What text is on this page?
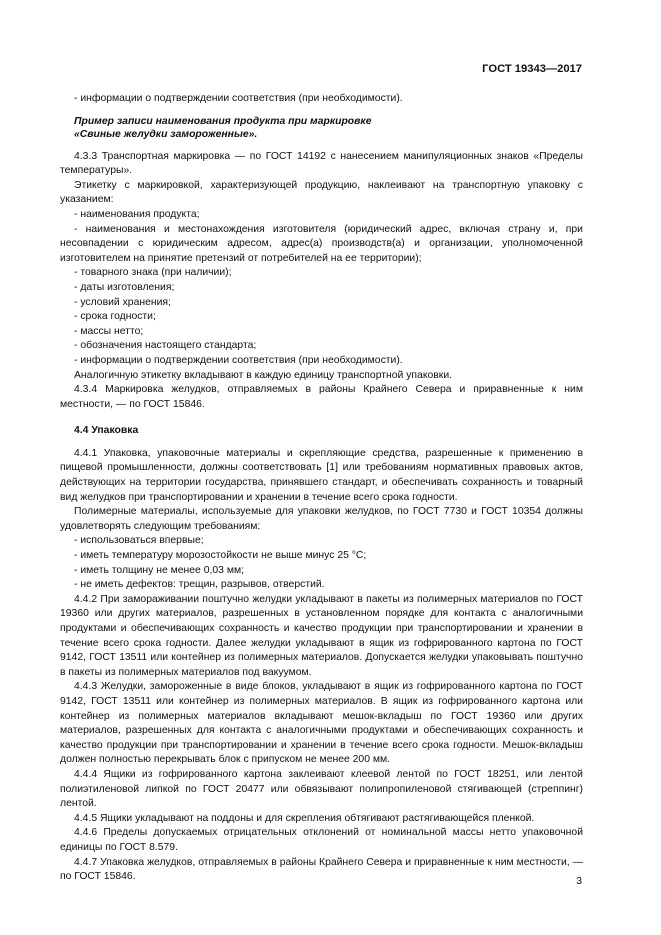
ГОСТ 19343—2017
- информации о подтверждении соответствия (при необходимости).
Пример записи наименования продукта при маркировке
«Свиные желудки замороженные».
4.3.3 Транспортная маркировка — по ГОСТ 14192 с нанесением манипуляционных знаков «Пределы температуры».
Этикетку с маркировкой, характеризующей продукцию, наклеивают на транспортную упаковку с указанием:
- наименования продукта;
- наименования и местонахождения изготовителя (юридический адрес, включая страну и, при несовпадении с юридическим адресом, адрес(а) производств(а) и организации, уполномоченной изготовителем на принятие претензий от потребителей на ее территории);
- товарного знака (при наличии);
- даты изготовления;
- условий хранения;
- срока годности;
- массы нетто;
- обозначения настоящего стандарта;
- информации о подтверждении соответствия (при необходимости).
Аналогичную этикетку вкладывают в каждую единицу транспортной упаковки.
4.3.4 Маркировка желудков, отправляемых в районы Крайнего Севера и приравненные к ним местности, — по ГОСТ 15846.
4.4 Упаковка
4.4.1 Упаковка, упаковочные материалы и скрепляющие средства, разрешенные к применению в пищевой промышленности, должны соответствовать [1] или требованиям нормативных правовых актов, действующих на территории государства, принявшего стандарт, и обеспечивать сохранность и товарный вид желудков при транспортировании и хранении в течение всего срока годности.
Полимерные материалы, используемые для упаковки желудков, по ГОСТ 7730 и ГОСТ 10354 должны удовлетворять следующим требованиям:
- использоваться впервые;
- иметь температуру морозостойкости не выше минус 25 °С;
- иметь толщину не менее 0,03 мм;
- не иметь дефектов: трещин, разрывов, отверстий.
4.4.2 При замораживании поштучно желудки укладывают в пакеты из полимерных материалов по ГОСТ 19360 или других материалов, разрешенных в установленном порядке для контакта с аналогичными продуктами и обеспечивающих сохранность и качество продукции при транспортировании и хранении в течение всего срока годности. Далее желудки укладывают в ящик из гофрированного картона по ГОСТ 9142, ГОСТ 13511 или контейнер из полимерных материалов. Допускается желудки упаковывать поштучно в пакеты из полимерных материалов под вакуумом.
4.4.3 Желудки, замороженные в виде блоков, укладывают в ящик из гофрированного картона по ГОСТ 9142, ГОСТ 13511 или контейнер из полимерных материалов. В ящик из гофрированного картона или контейнер из полимерных материалов вкладывают мешок-вкладыш по ГОСТ 19360 или других материалов, разрешенных для контакта с аналогичными продуктами и обеспечивающих сохранность и качество продукции при транспортировании и хранении в течение всего срока годности. Мешок-вкладыш должен полностью перекрывать блок с припуском не менее 200 мм.
4.4.4 Ящики из гофрированного картона заклеивают клеевой лентой по ГОСТ 18251, или лентой полиэтиленовой липкой по ГОСТ 20477 или обвязывают полипропиленовой стягивающей (стреппинг) лентой.
4.4.5 Ящики укладывают на поддоны и для скрепления обтягивают растягивающейся пленкой.
4.4.6 Пределы допускаемых отрицательных отклонений от номинальной массы нетто упаковочной единицы по ГОСТ 8.579.
4.4.7 Упаковка желудков, отправляемых в районы Крайнего Севера и приравненные к ним местности, — по ГОСТ 15846.	3
